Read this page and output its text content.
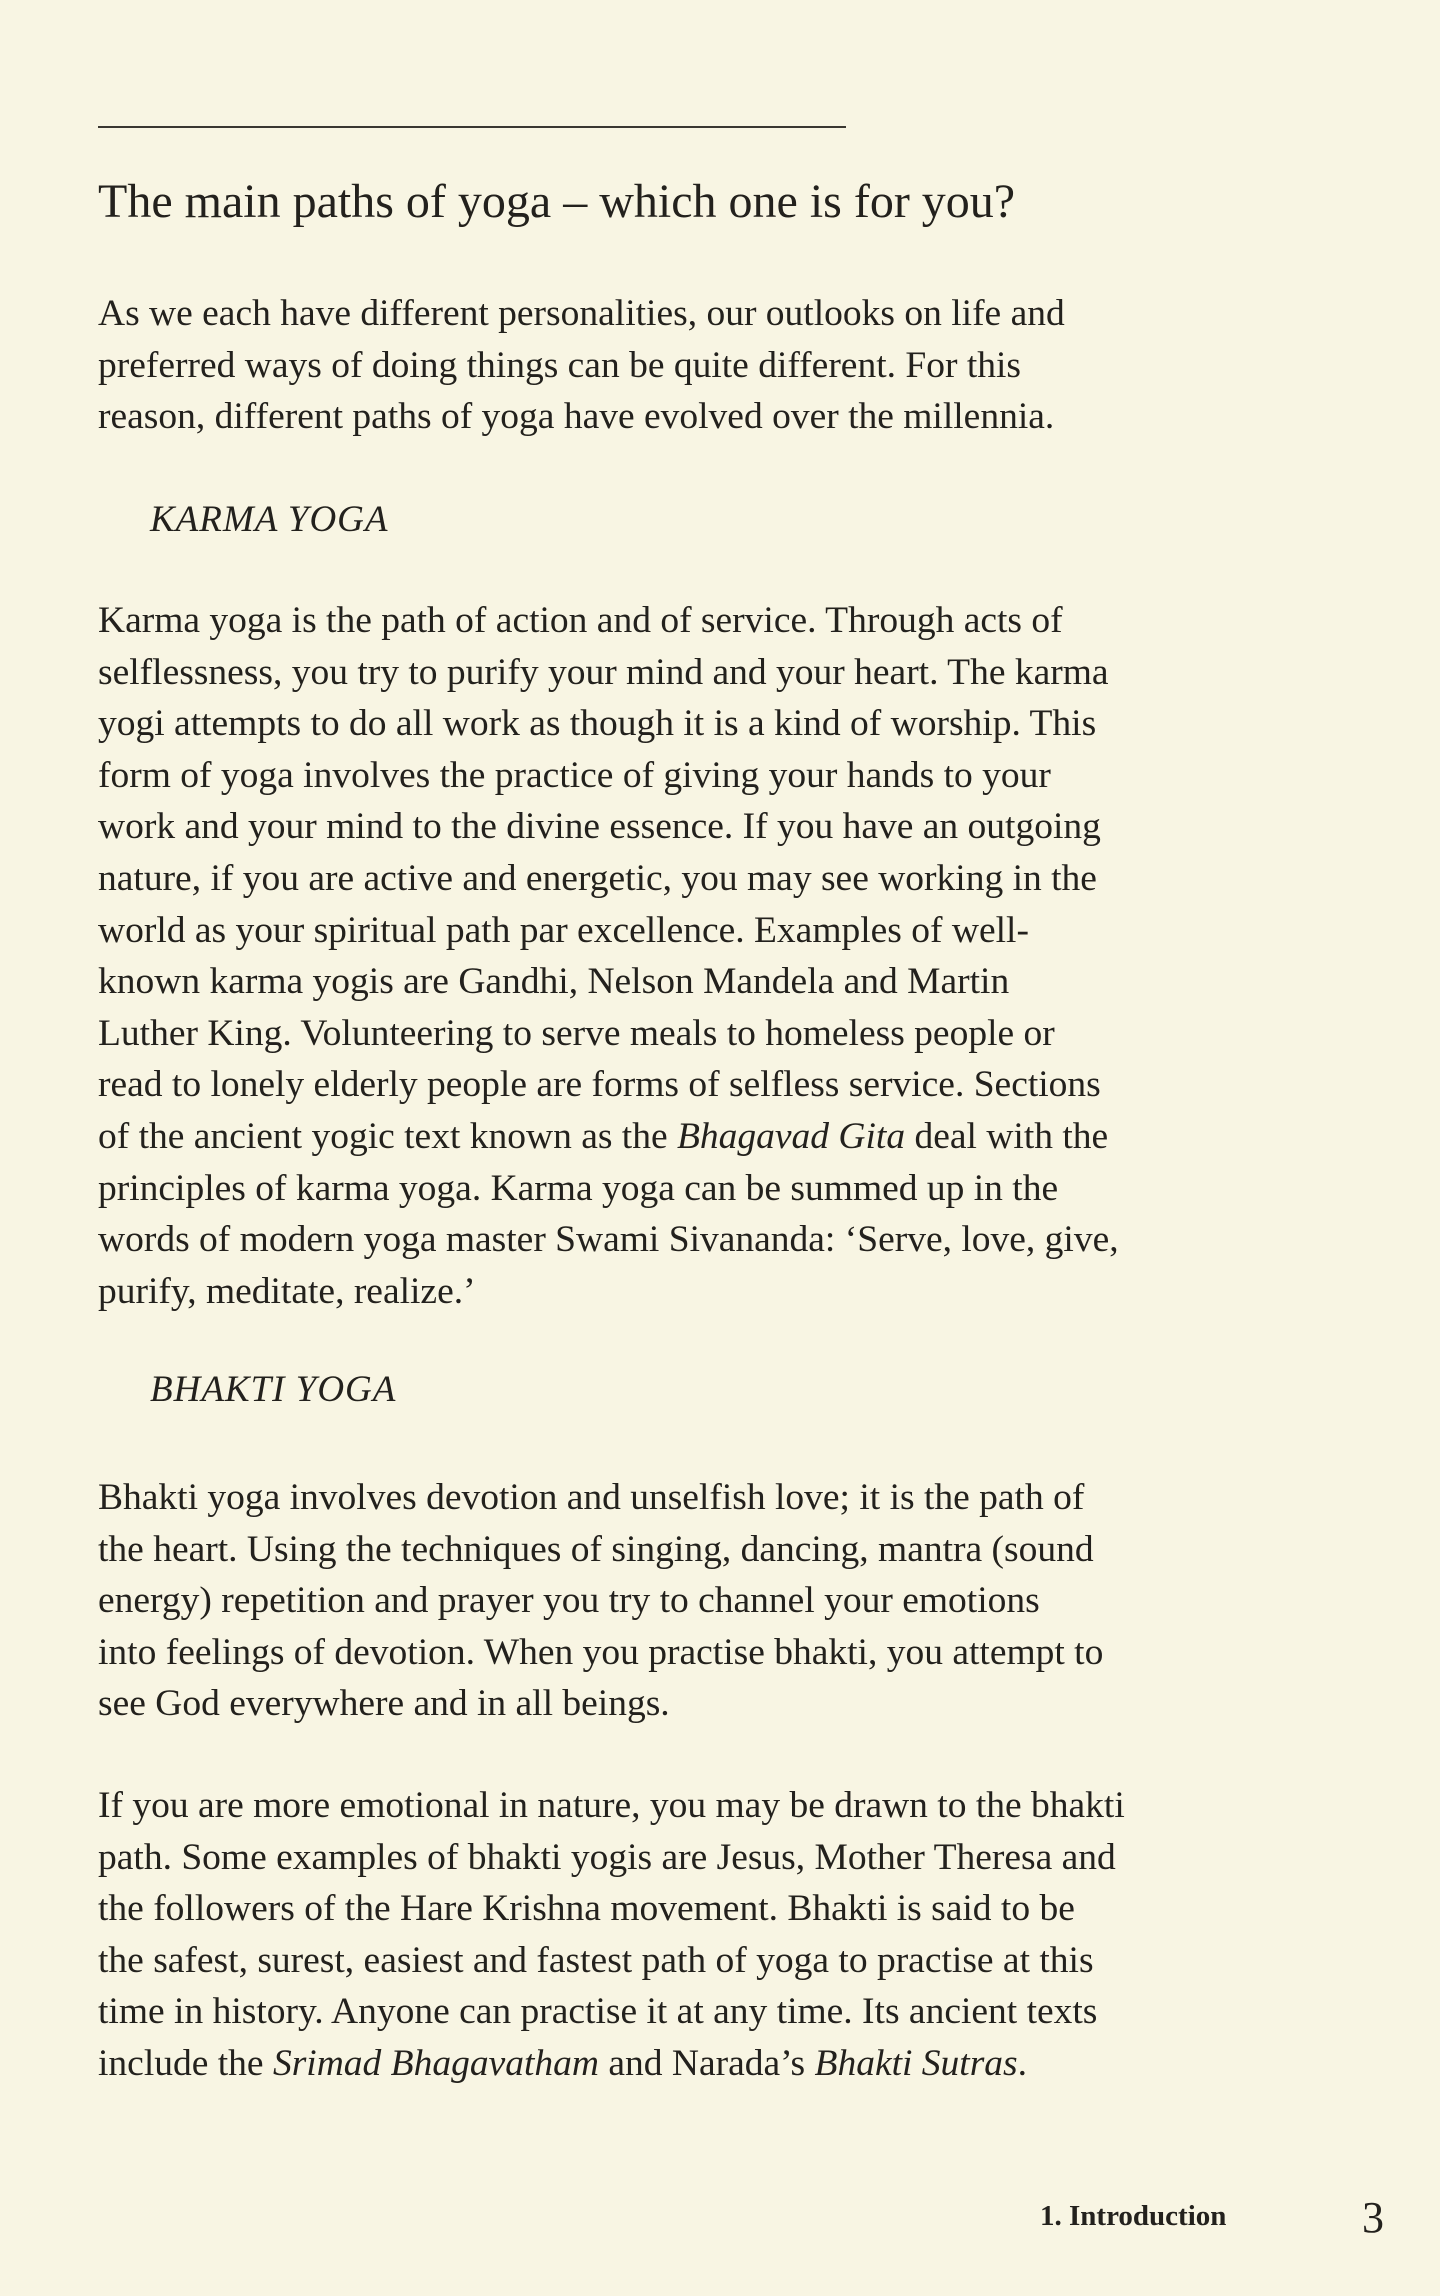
The main paths of yoga – which one is for you?

As we each have different personalities, our outlooks on life and
preferred ways of doing things can be quite different. For this
reason, different paths of yoga have evolved over the millennia.

KARMA YOGA

Karma yoga is the path of action and of service. Through acts of
selflessness, you try to purify your mind and your heart. The karma
yogi attempts to do all work as though it is a kind of worship. This
form of yoga involves the practice of giving your hands to your
work and your mind to the divine essence. If you have an outgoing
nature, if you are active and energetic, you may see working in the
world as your spiritual path par excellence. Examples of well-
known karma yogis are Gandhi, Nelson Mandela and Martin
Luther King. Volunteering to serve meals to homeless people or
read to lonely elderly people are forms of selfless service. Sections
of the ancient yogic text known as the Bhagavad Gita deal with the
principles of karma yoga. Karma yoga can be summed up in the
words of modern yoga master Swami Sivananda: ‘Serve, love, give,
purify, meditate, realize.’

BHAKTI YOGA

Bhakti yoga involves devotion and unselfish love; it is the path of
the heart. Using the techniques of singing, dancing, mantra (sound
energy) repetition and prayer you try to channel your emotions
into feelings of devotion. When you practise bhakti, you attempt to
see God everywhere and in all beings.

If you are more emotional in nature, you may be drawn to the bhakti
path. Some examples of bhakti yogis are Jesus, Mother Theresa and
the followers of the Hare Krishna movement. Bhakti is said to be
the safest, surest, easiest and fastest path of yoga to practise at this
time in history. Anyone can practise it at any time. Its ancient texts
include the Srimad Bhagavatham and Narada’s Bhakti Sutras.

1. Introduction	3
